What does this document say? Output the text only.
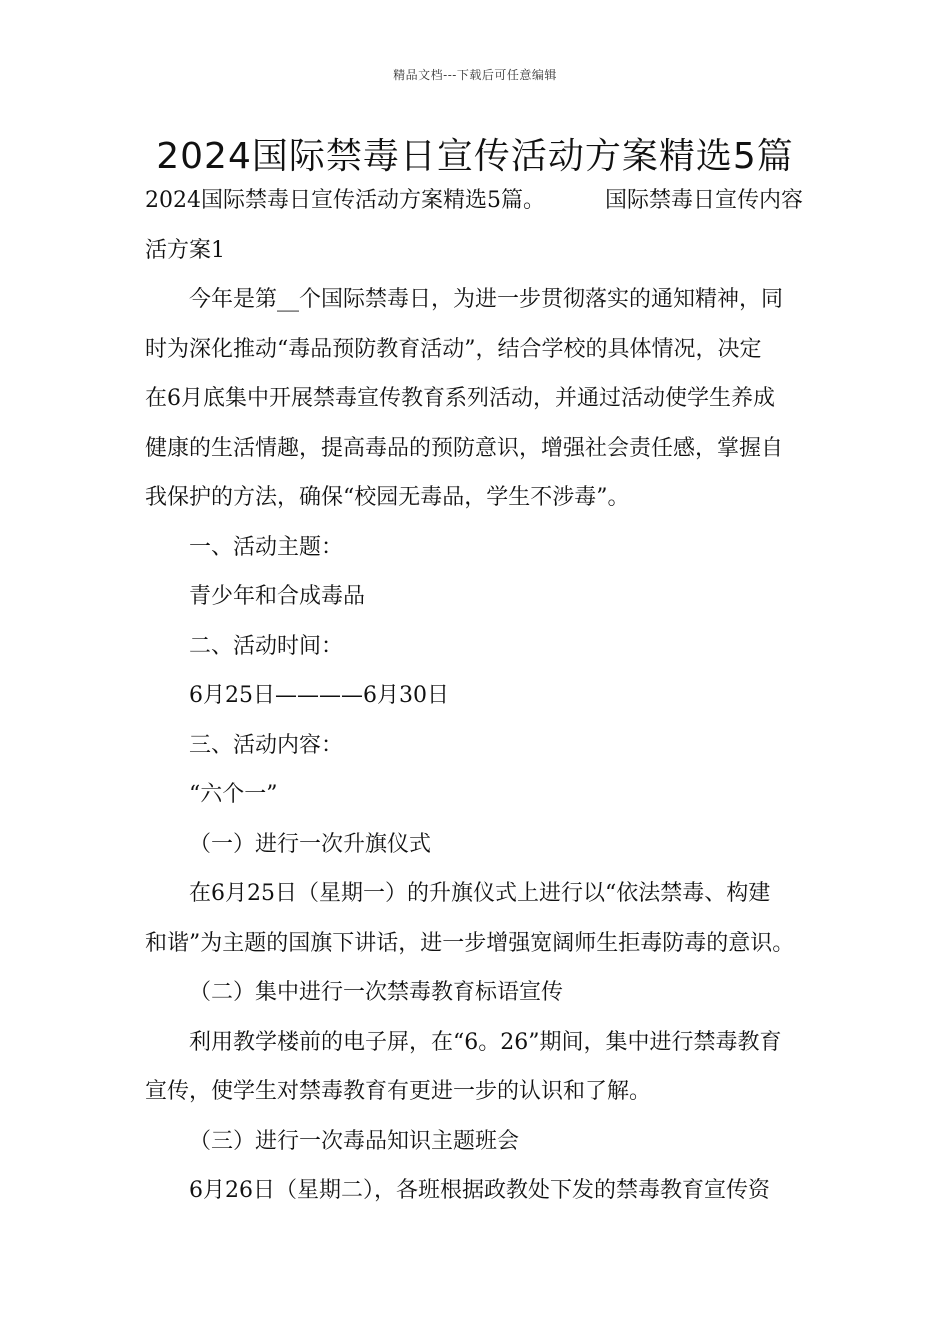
精品文档---下载后可任意编辑
2024国际禁毒日宣传活动方案精选5篇

2024国际禁毒日宣传活动方案精选5篇。	国际禁毒日宣传内容

活方案1

今年是第__个国际禁毒日，为进一步贯彻落实的通知精神，同

时为深化推动“毒品预防教育活动”，结合学校的具体情况，决定

在6月底集中开展禁毒宣传教育系列活动，并通过活动使学生养成

健康的生活情趣，提高毒品的预防意识，增强社会责任感，掌握自

我保护的方法，确保“校园无毒品，学生不涉毒”。

一、活动主题：

青少年和合成毒品

二、活动时间：

6月25日————6月30日

三、活动内容：

“六个一”

（一）进行一次升旗仪式

在6月25日（星期一）的升旗仪式上进行以“依法禁毒、构建

和谐”为主题的国旗下讲话，进一步增强宽阔师生拒毒防毒的意识。

（二）集中进行一次禁毒教育标语宣传

利用教学楼前的电子屏，在“6。26”期间，集中进行禁毒教育

宣传，使学生对禁毒教育有更进一步的认识和了解。

（三）进行一次毒品知识主题班会

6月26日（星期二），各班根据政教处下发的禁毒教育宣传资
